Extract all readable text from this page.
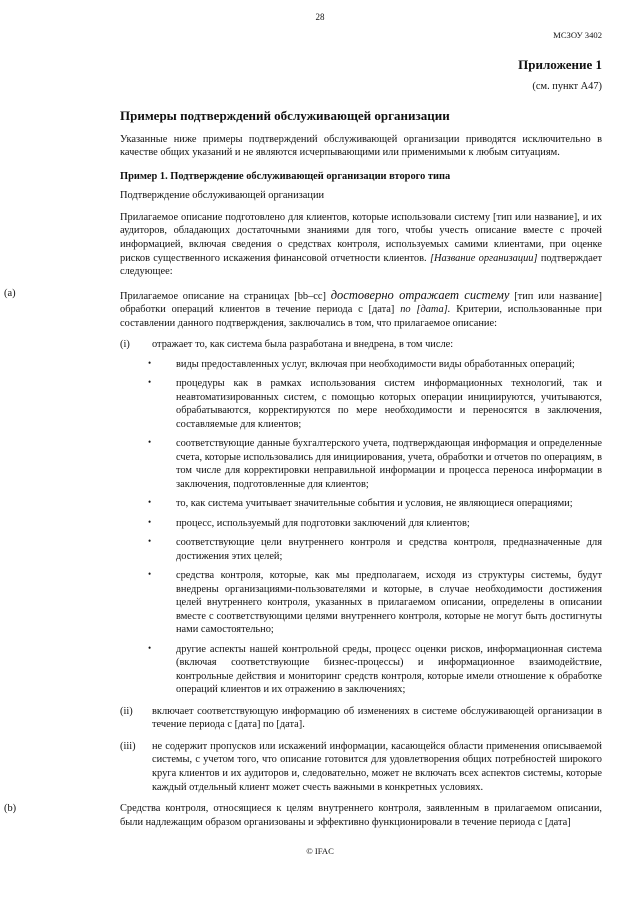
28
МСЗОУ 3402
Приложение 1
(см. пункт А47)
Примеры подтверждений обслуживающей организации

Указанные ниже примеры подтверждений обслуживающей организации приводятся исключительно в качестве общих указаний и не являются исчерпывающими или применимыми к любым ситуациям.

Пример 1. Подтверждение обслуживающей организации второго типа

Подтверждение обслуживающей организации

Прилагаемое описание подготовлено для клиентов, которые использовали систему [тип или название], и их аудиторов, обладающих достаточными знаниями для того, чтобы учесть описание вместе с прочей информацией, включая сведения о средствах контроля, используемых самими клиентами, при оценке рисков существенного искажения финансовой отчетности клиентов. [Название организации] подтверждает следующее:

(a)	Прилагаемое описание на страницах [bb–cc] достоверно отражает систему [тип или название] обработки операций клиентов в течение периода с [дата] по [дата]. Критерии, использованные при составлении данного подтверждения, заключались в том, что прилагаемое описание:

(i) отражает то, как система была разработана и внедрена, в том числе:

• виды предоставленных услуг, включая при необходимости виды обработанных операций;

• процедуры как в рамках использования систем информационных технологий, так и неавтоматизированных систем, с помощью которых операции инициируются, учитываются, обрабатываются, корректируются по мере необходимости и переносятся в заключения, составляемые для клиентов;

• соответствующие данные бухгалтерского учета, подтверждающая информация и определенные счета, которые использовались для инициирования, учета, обработки и отчетов по операциям, в том числе для корректировки неправильной информации и процесса переноса информации в заключения, подготовленные для клиентов;

• то, как система учитывает значительные события и условия, не являющиеся операциями;

• процесс, используемый для подготовки заключений для клиентов;

• соответствующие цели внутреннего контроля и средства контроля, предназначенные для достижения этих целей;

• средства контроля, которые, как мы предполагаем, исходя из структуры системы, будут внедрены организациями-пользователями и которые, в случае необходимости достижения целей внутреннего контроля, указанных в прилагаемом описании, определены в описании вместе с соответствующими целями внутреннего контроля, которые не могут быть достигнуты нами самостоятельно;

• другие аспекты нашей контрольной среды, процесс оценки рисков, информационная система (включая соответствующие бизнес-процессы) и информационное взаимодействие, контрольные действия и мониторинг средств контроля, которые имели отношение к обработке операций клиентов и их отражению в заключениях;

(ii) включает соответствующую информацию об изменениях в системе обслуживающей организации в течение периода с [дата] по [дата].

(iii) не содержит пропусков или искажений информации, касающейся области применения описываемой системы, с учетом того, что описание готовится для удовлетворения общих потребностей широкого круга клиентов и их аудиторов и, следовательно, может не включать всех аспектов системы, которые каждый отдельный клиент может счесть важными в конкретных условиях.

(b)	Средства контроля, относящиеся к целям внутреннего контроля, заявленным в прилагаемом описании, были надлежащим образом организованы и эффективно функционировали в течение периода с [дата]

© IFAC
